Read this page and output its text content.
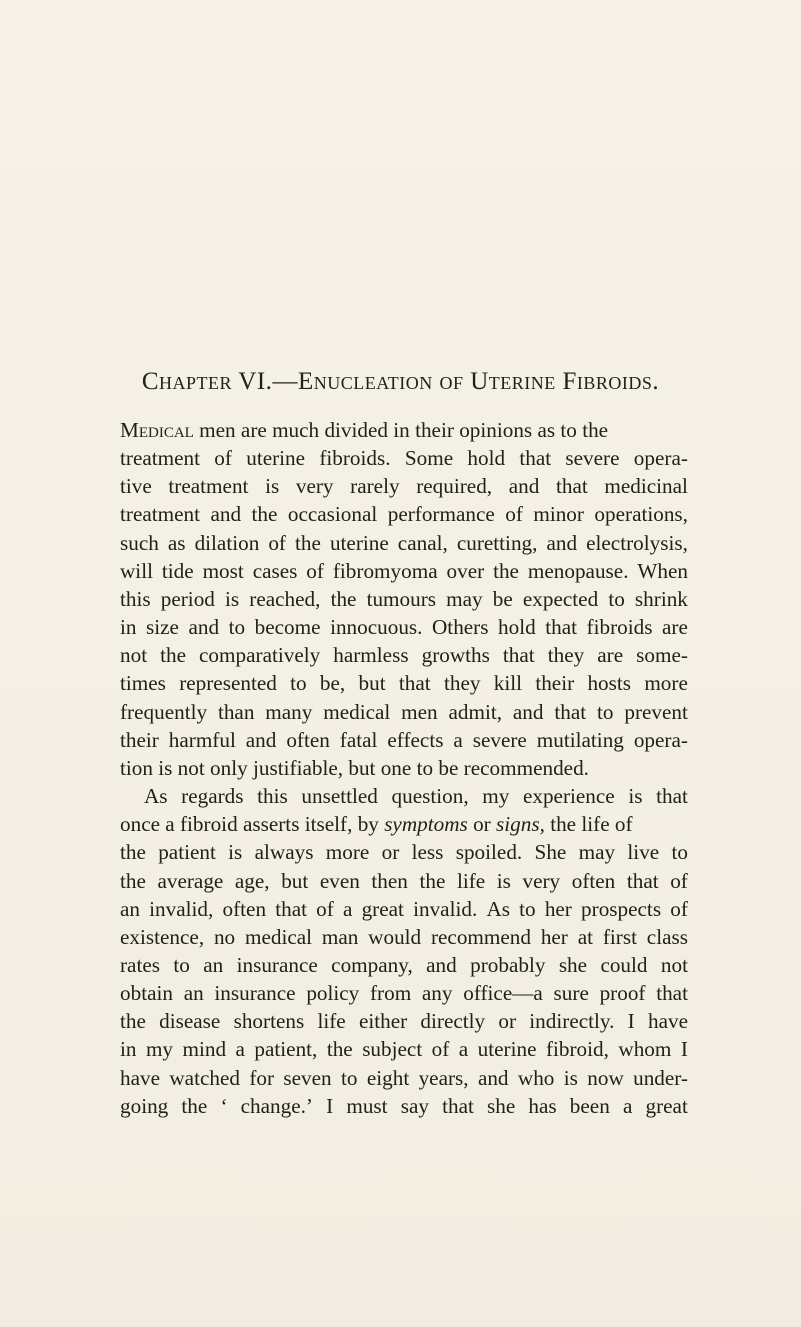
Chapter VI.—Enucleation of Uterine Fibroids.
Medical men are much divided in their opinions as to the
treatment of uterine fibroids. Some hold that severe opera-
tive treatment is very rarely required, and that medicinal
treatment and the occasional performance of minor operations,
such as dilation of the uterine canal, curetting, and electrolysis,
will tide most cases of fibromyoma over the menopause. When
this period is reached, the tumours may be expected to shrink
in size and to become innocuous. Others hold that fibroids are
not the comparatively harmless growths that they are some-
times represented to be, but that they kill their hosts more
frequently than many medical men admit, and that to prevent
their harmful and often fatal effects a severe mutilating opera-
tion is not only justifiable, but one to be recommended.
As regards this unsettled question, my experience is that
once a fibroid asserts itself, by symptoms or signs, the life of
the patient is always more or less spoiled. She may live to
the average age, but even then the life is very often that of
an invalid, often that of a great invalid. As to her prospects of
existence, no medical man would recommend her at first class
rates to an insurance company, and probably she could not
obtain an insurance policy from any office—a sure proof that
the disease shortens life either directly or indirectly. I have
in my mind a patient, the subject of a uterine fibroid, whom I
have watched for seven to eight years, and who is now under-
going the ‘ change.’ I must say that she has been a great
